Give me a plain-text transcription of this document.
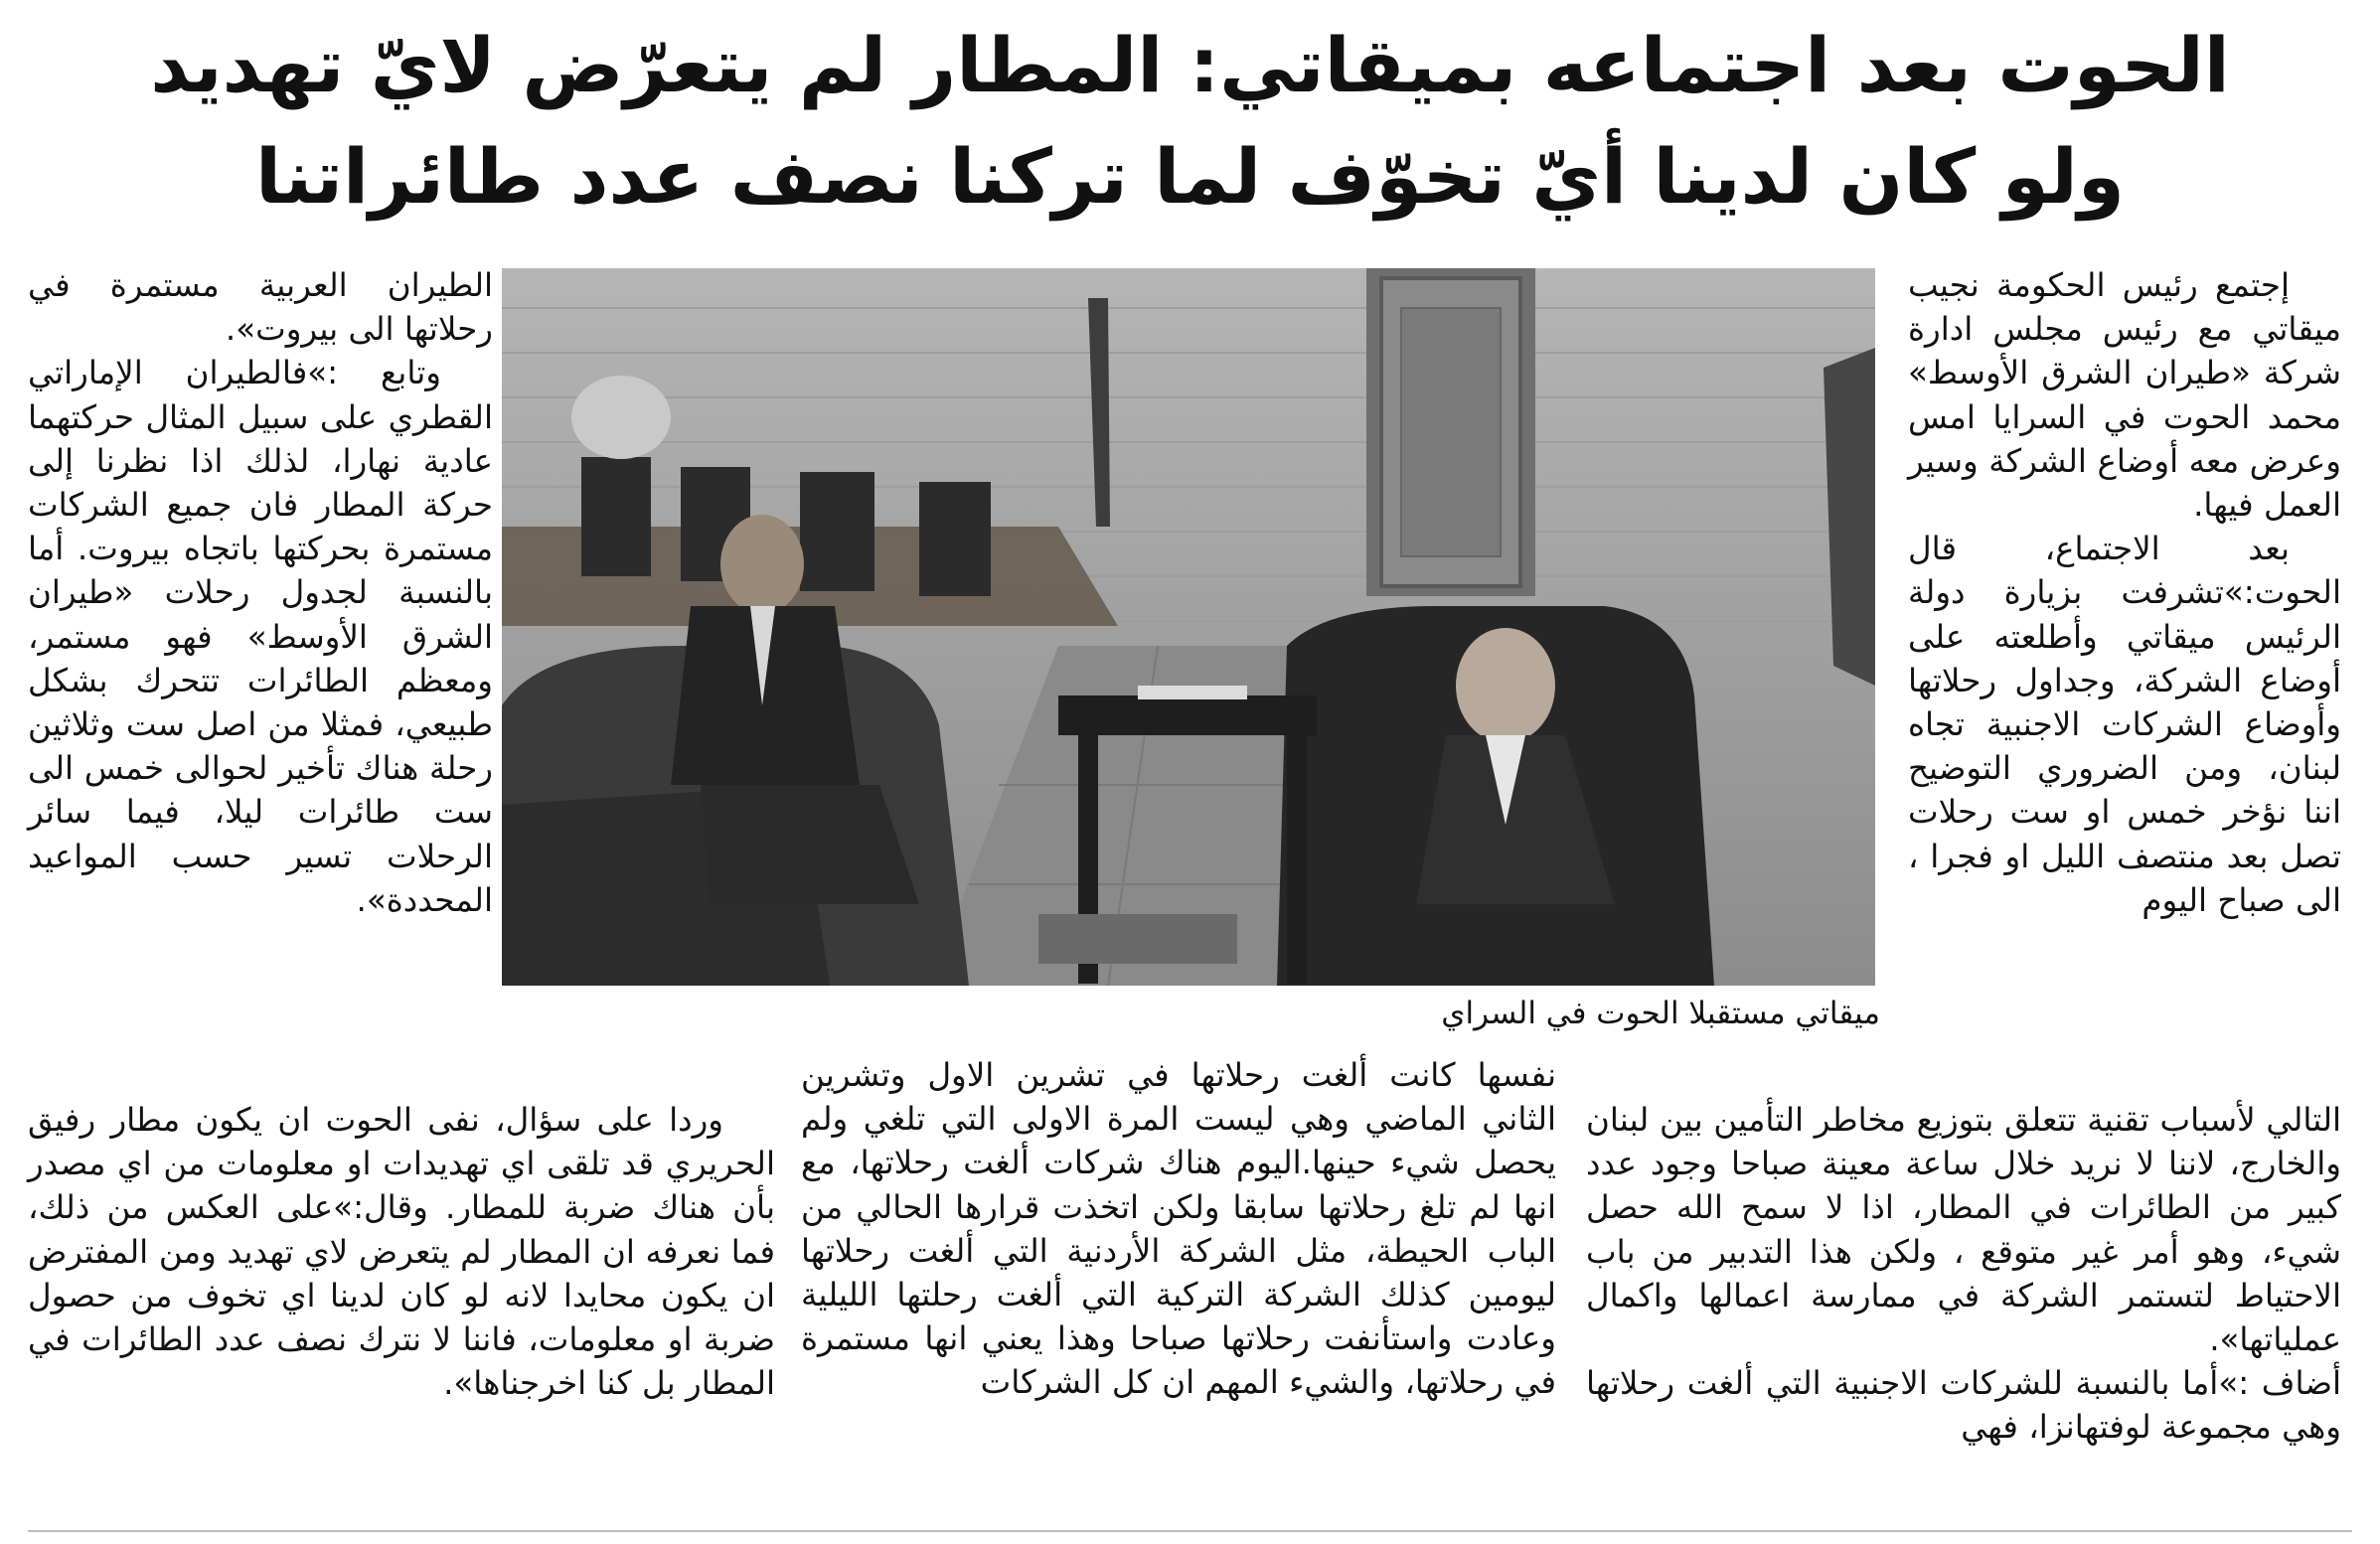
الحوت بعد اجتماعه بميقاتي: المطار لم يتعرّض لايّ تهديد
ولو كان لدينا أيّ تخوّف لما تركنا نصف عدد طائراتنا

إجتمع رئيس الحكومة نجيب ميقاتي مع رئيس مجلس ادارة شركة «طيران الشرق الأوسط» محمد الحوت في السرايا امس وعرض معه أوضاع الشركة وسير العمل فيها.

بعد الاجتماع، قال الحوت:»تشرفت بزيارة دولة الرئيس ميقاتي وأطلعته على أوضاع الشركة، وجداول رحلاتها وأوضاع الشركات الاجنبية تجاه لبنان، ومن الضروري التوضيح اننا نؤخر خمس او ست رحلات تصل بعد منتصف الليل او فجرا ، الى صباح اليوم

الطيران العربية مستمرة في رحلاتها الى بيروت».

وتابع :»فالطيران الإماراتي القطري على سبيل المثال حركتهما عادية نهارا، لذلك اذا نظرنا إلى حركة المطار فان جميع الشركات مستمرة بحركتها باتجاه بيروت. أما بالنسبة لجدول رحلات «طيران الشرق الأوسط» فهو مستمر، ومعظم الطائرات تتحرك بشكل طبيعي، فمثلا من اصل ست وثلاثين رحلة هناك تأخير لحوالى خمس الى ست طائرات ليلا، فيما سائر الرحلات تسير حسب المواعيد المحددة».

ميقاتي مستقبلا الحوت في السراي

التالي لأسباب تقنية تتعلق بتوزيع مخاطر التأمين بين لبنان والخارج، لاننا لا نريد خلال ساعة معينة صباحا وجود عدد كبير من الطائرات في المطار، اذا لا سمح الله حصل شيء، وهو أمر غير متوقع ، ولكن هذا التدبير من باب الاحتياط لتستمر الشركة في ممارسة اعمالها واكمال عملياتها».

أضاف :»أما بالنسبة للشركات الاجنبية التي ألغت رحلاتها وهي مجموعة لوفتهانزا، فهي

نفسها كانت ألغت رحلاتها في تشرين الاول وتشرين الثاني الماضي وهي ليست المرة الاولى التي تلغي ولم يحصل شيء حينها.اليوم هناك شركات ألغت رحلاتها، مع انها لم تلغ رحلاتها سابقا ولكن اتخذت قرارها الحالي من الباب الحيطة، مثل الشركة الأردنية التي ألغت رحلاتها ليومين كذلك الشركة التركية التي ألغت رحلتها الليلية وعادت واستأنفت رحلاتها صباحا وهذا يعني انها مستمرة في رحلاتها، والشيء المهم ان كل الشركات

وردا على سؤال، نفى الحوت ان يكون مطار رفيق الحريري قد تلقى اي تهديدات او معلومات من اي مصدر بأن هناك ضربة للمطار. وقال:»على العكس من ذلك، فما نعرفه ان المطار لم يتعرض لاي تهديد ومن المفترض ان يكون محايدا لانه لو كان لدينا اي تخوف من حصول ضربة او معلومات، فاننا لا نترك نصف عدد الطائرات في المطار بل كنا اخرجناها».
